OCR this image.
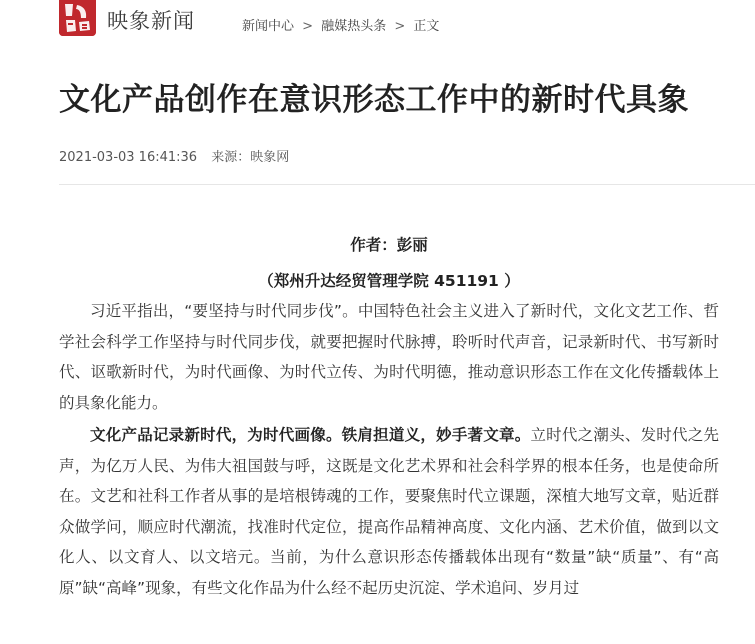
映象新闻	新闻中心 > 融媒热头条 > 正文
文化产品创作在意识形态工作中的新时代具象
2021-03-03 16:41:36 来源：映象网

作者：彭丽

（郑州升达经贸管理学院 451191 ）

习近平指出，“要坚持与时代同步伐”。中国特色社会主义进入了新时代，文化文艺工作、哲学社会科学工作坚持与时代同步伐，就要把握时代脉搏，聆听时代声音，记录新时代、书写新时代、讴歌新时代，为时代画像、为时代立传、为时代明德，推动意识形态工作在文化传播载体上的具象化能力。

文化产品记录新时代，为时代画像。铁肩担道义，妙手著文章。立时代之潮头、发时代之先声，为亿万人民、为伟大祖国鼓与呼，这既是文化艺术界和社会科学界的根本任务，也是使命所在。文艺和社科工作者从事的是培根铸魂的工作，要聚焦时代立课题，深植大地写文章，贴近群众做学问，顺应时代潮流，找准时代定位，提高作品精神高度、文化内涵、艺术价值，做到以文化人、以文育人、以文培元。当前，为什么意识形态传播载体出现有“数量”缺“质量”、有“高原”缺“高峰”现象，有些文化作品为什么经不起历史沉淀、学术追问、岁月过
